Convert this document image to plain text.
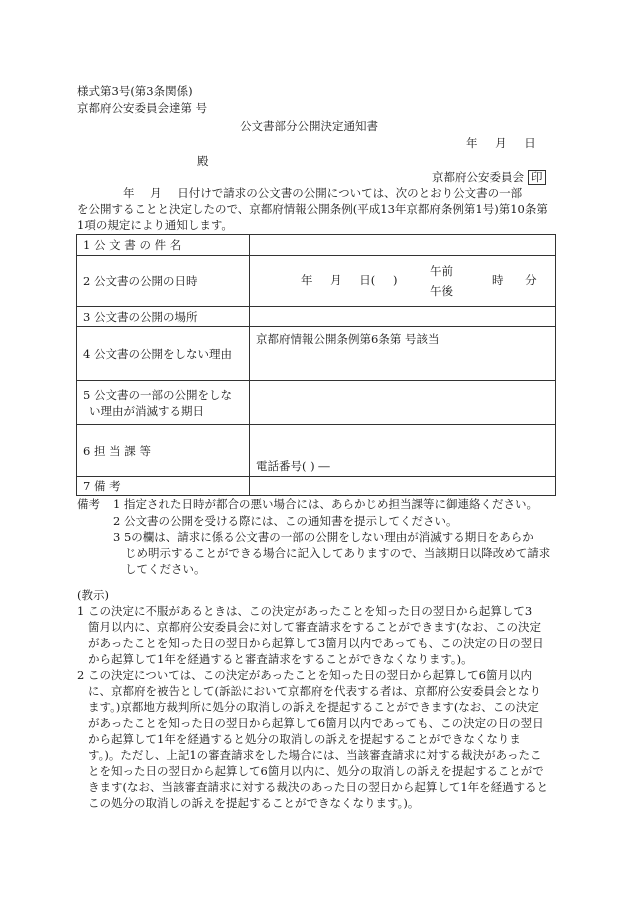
様式第3号(第3条関係)
京都府公安委員会達第 号
公文書部分公開決定通知書
年 月 日
殿
京都府公安委員会 印
年 月 日付けで請求の公文書の公開については、次のとおり公文書の一部
を公開することと決定したので、京都府情報公開条例(平成13年京都府条例第1号)第10条第
1項の規定により通知します。
1 公 文 書 の 件 名	
2 公文書の公開の日時	年 月 日( )
午前
午後
時 分

3 公文書の公開の場所	
4 公文書の公開をしない理由	京都府情報公開条例第6条第 号該当

5 公文書の一部の公開をしな
い理由が消滅する期日	

6 担 当 課 等	電話番号( ) ―
7 備 考	
備考 1 指定された日時が都合の悪い場合には、あらかじめ担当課等に御連絡ください。
2 公文書の公開を受ける際には、この通知書を提示してください。
3 5の欄は、請求に係る公文書の一部の公開をしない理由が消滅する期日をあらか
じめ明示することができる場合に記入してありますので、当該期日以降改めて請求
してください。
(教示)
1 この決定に不服があるときは、この決定があったことを知った日の翌日から起算して3
箇月以内に、京都府公安委員会に対して審査請求をすることができます(なお、この決定
があったことを知った日の翌日から起算して3箇月以内であっても、この決定の日の翌日
から起算して1年を経過すると審査請求をすることができなくなります。)。
2 この決定については、この決定があったことを知った日の翌日から起算して6箇月以内
に、京都府を被告として(訴訟において京都府を代表する者は、京都府公安委員会となり
ます。)京都地方裁判所に処分の取消しの訴えを提起することができます(なお、この決定
があったことを知った日の翌日から起算して6箇月以内であっても、この決定の日の翌日
から起算して1年を経過すると処分の取消しの訴えを提起することができなくなりま
す。)。ただし、上記1の審査請求をした場合には、当該審査請求に対する裁決があったこ
とを知った日の翌日から起算して6箇月以内に、処分の取消しの訴えを提起することがで
きます(なお、当該審査請求に対する裁決のあった日の翌日から起算して1年を経過すると
この処分の取消しの訴えを提起することができなくなります。)。
